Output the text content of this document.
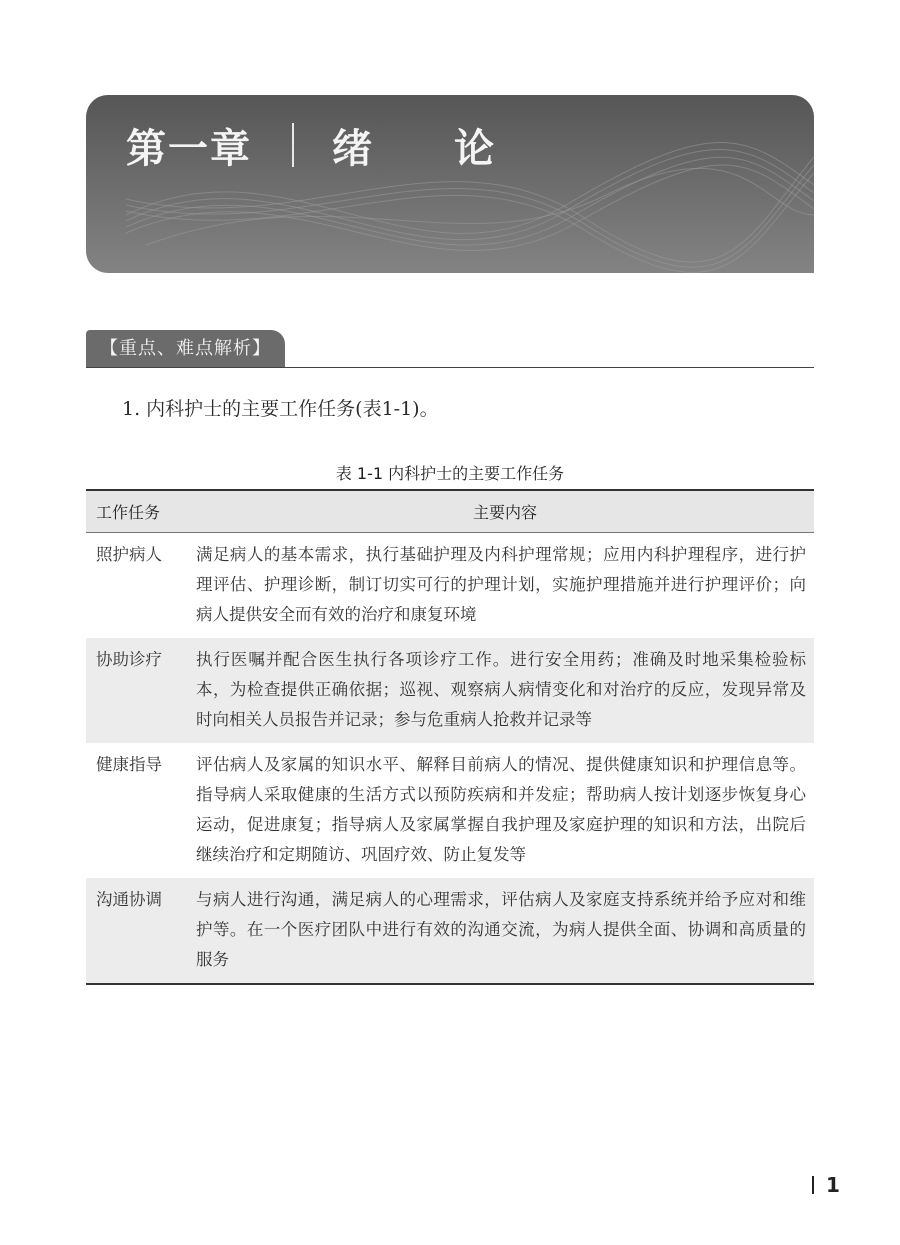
第一章 绪论
【重点、难点解析】
1. 内科护士的主要工作任务(表1-1)。
表 1-1 内科护士的主要工作任务
工作任务	主要内容
照护病人	满足病人的基本需求，执行基础护理及内科护理常规；应用内科护理程序，进行护理评估、护理诊断，制订切实可行的护理计划，实施护理措施并进行护理评价；向病人提供安全而有效的治疗和康复环境
协助诊疗	执行医嘱并配合医生执行各项诊疗工作。进行安全用药；准确及时地采集检验标本，为检查提供正确依据；巡视、观察病人病情变化和对治疗的反应，发现异常及时向相关人员报告并记录；参与危重病人抢救并记录等
健康指导	评估病人及家属的知识水平、解释目前病人的情况、提供健康知识和护理信息等。指导病人采取健康的生活方式以预防疾病和并发症；帮助病人按计划逐步恢复身心运动，促进康复；指导病人及家属掌握自我护理及家庭护理的知识和方法，出院后继续治疗和定期随访、巩固疗效、防止复发等
沟通协调	与病人进行沟通，满足病人的心理需求，评估病人及家庭支持系统并给予应对和维护等。在一个医疗团队中进行有效的沟通交流，为病人提供全面、协调和高质量的服务
1
